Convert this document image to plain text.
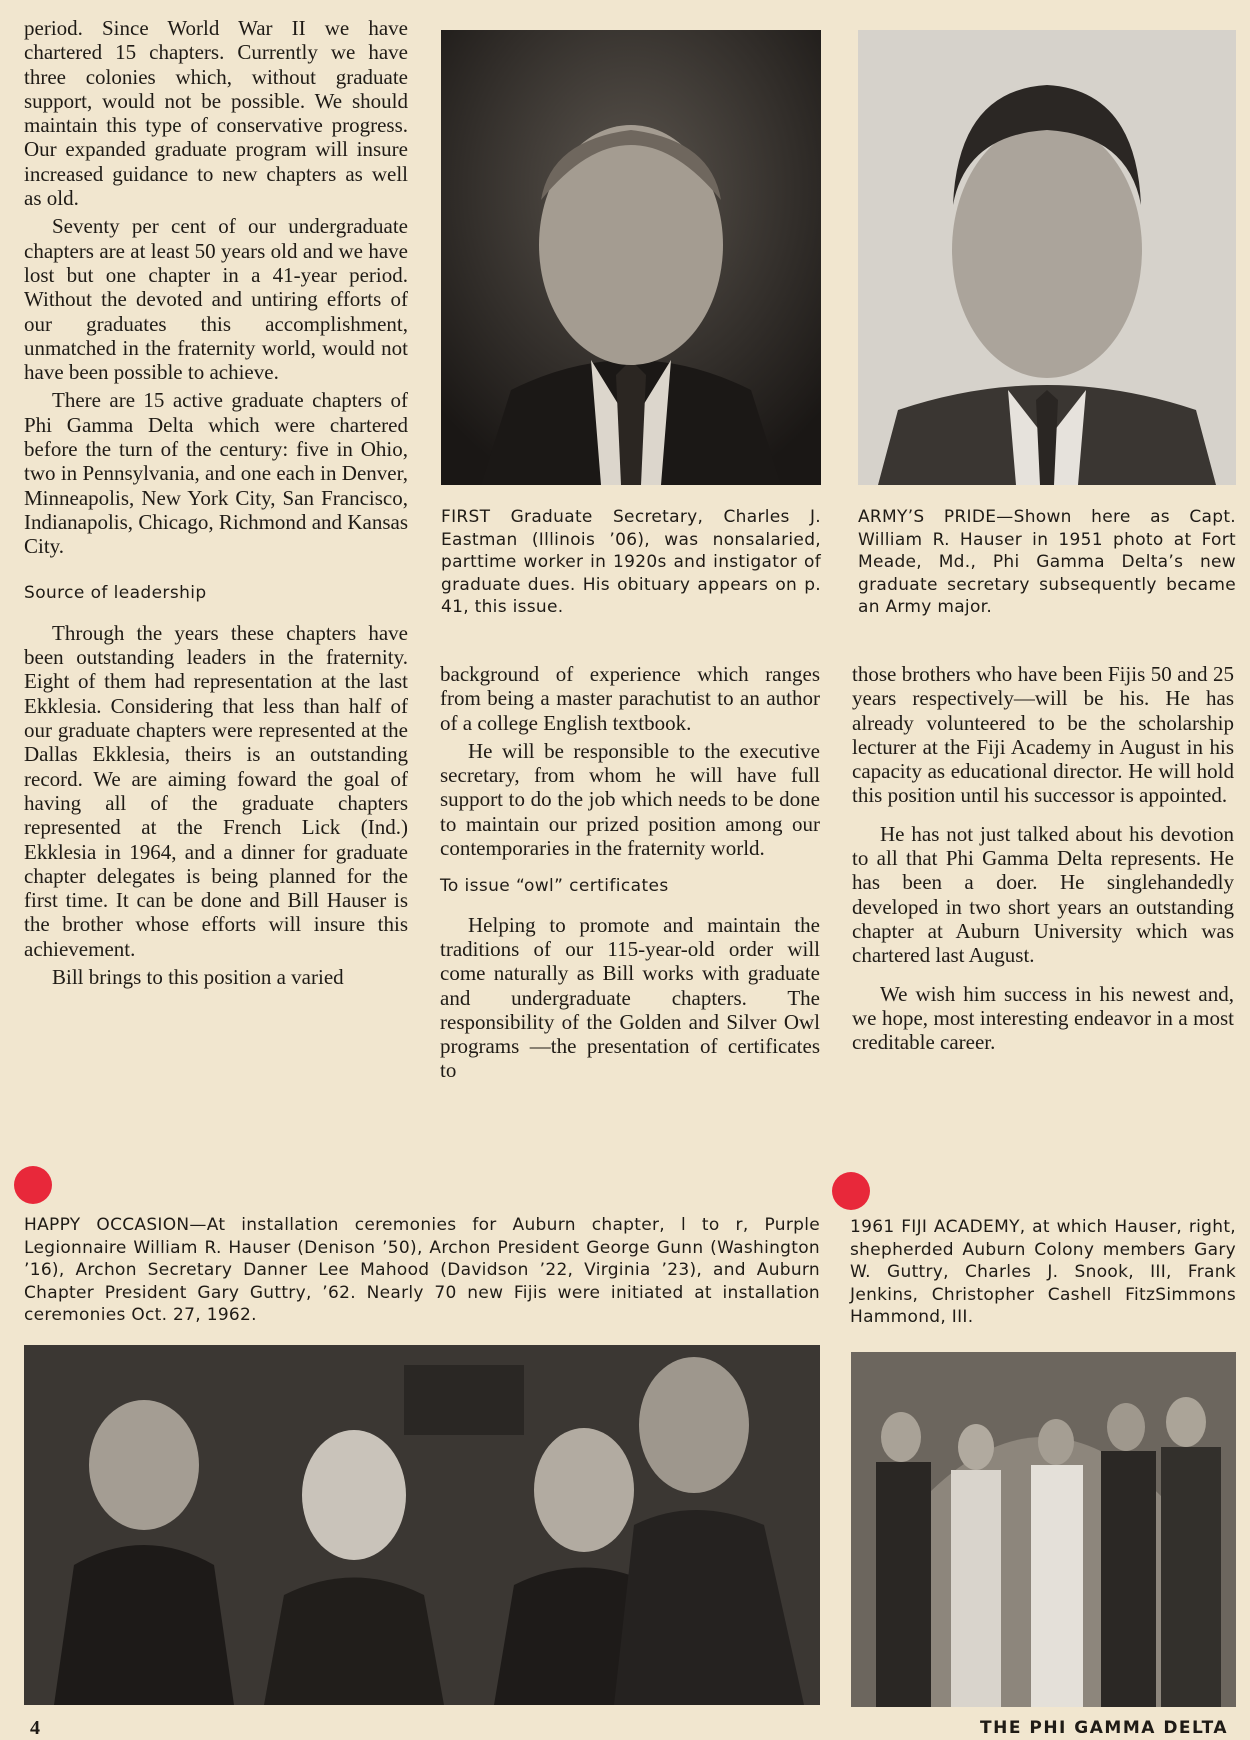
period. Since World War II we have chartered 15 chapters. Currently we have three colonies which, without graduate support, would not be possible. We should maintain this type of conservative progress. Our expanded graduate program will insure increased guidance to new chapters as well as old.

Seventy per cent of our undergraduate chapters are at least 50 years old and we have lost but one chapter in a 41-year period. Without the devoted and untiring efforts of our graduates this accomplishment, unmatched in the fraternity world, would not have been possible to achieve.

There are 15 active graduate chapters of Phi Gamma Delta which were chartered before the turn of the century: five in Ohio, two in Pennsylvania, and one each in Denver, Minneapolis, New York City, San Francisco, Indianapolis, Chicago, Richmond and Kansas City.

Source of leadership

Through the years these chapters have been outstanding leaders in the fraternity. Eight of them had representation at the last Ekklesia. Considering that less than half of our graduate chapters were represented at the Dallas Ekklesia, theirs is an outstanding record. We are aiming foward the goal of having all of the graduate chapters represented at the French Lick (Ind.) Ekklesia in 1964, and a dinner for graduate chapter delegates is being planned for the first time. It can be done and Bill Hauser is the brother whose efforts will insure this achievement.

Bill brings to this position a varied

background of experience which ranges from being a master parachutist to an author of a college English textbook.

He will be responsible to the executive secretary, from whom he will have full support to do the job which needs to be done to maintain our prized position among our contemporaries in the fraternity world.

To issue “owl” certificates

Helping to promote and maintain the traditions of our 115-year-old order will come naturally as Bill works with graduate and undergraduate chapters. The responsibility of the Golden and Silver Owl programs —the presentation of certificates to

those brothers who have been Fijis 50 and 25 years respectively—will be his. He has already volunteered to be the scholarship lecturer at the Fiji Academy in August in his capacity as educational director. He will hold this position until his successor is appointed.

He has not just talked about his devotion to all that Phi Gamma Delta represents. He has been a doer. He singlehandedly developed in two short years an outstanding chapter at Auburn University which was chartered last August.

We wish him success in his newest and, we hope, most interesting endeavor in a most creditable career.

FIRST Graduate Secretary, Charles J. Eastman (Illinois ’06), was nonsalaried, parttime worker in 1920s and instigator of graduate dues. His obituary appears on p. 41, this issue.
ARMY’S PRIDE—Shown here as Capt. William R. Hauser in 1951 photo at Fort Meade, Md., Phi Gamma Delta’s new graduate secretary subsequently became an Army major.
HAPPY OCCASION—At installation ceremonies for Auburn chapter, l to r, Purple Legionnaire William R. Hauser (Denison ’50), Archon President George Gunn (Washington ’16), Archon Secretary Danner Lee Mahood (Davidson ’22, Virginia ’23), and Auburn Chapter President Gary Guttry, ’62. Nearly 70 new Fijis were initiated at installation ceremonies Oct. 27, 1962.
1961 FIJI ACADEMY, at which Hauser, right, shepherded Auburn Colony members Gary W. Guttry, Charles J. Snook, III, Frank Jenkins, Christopher Cashell FitzSimmons Hammond, III.
4	THE PHI GAMMA DELTA
